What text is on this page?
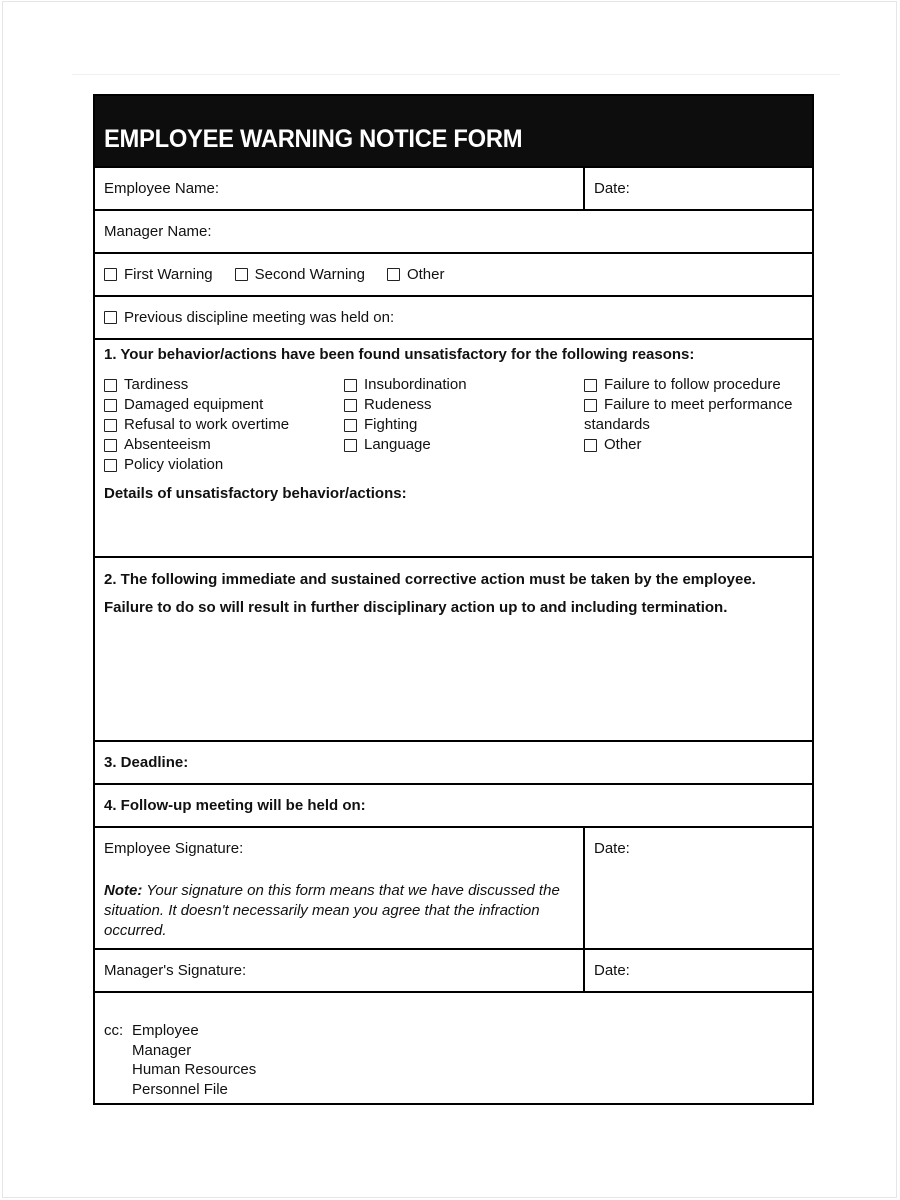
EMPLOYEE WARNING NOTICE FORM
Employee Name:	Date:
Manager Name:
First Warning	Second Warning	Other
Previous discipline meeting was held on:
1. Your behavior/actions have been found unsatisfactory for the following reasons:
Tardiness
Damaged equipment
Refusal to work overtime
Absenteeism
Policy violation
Insubordination
Rudeness
Fighting
Language
Failure to follow procedure
Failure to meet performance
standards
Other
Details of unsatisfactory behavior/actions:
2. The following immediate and sustained corrective action must be taken by the employee.
Failure to do so will result in further disciplinary action up to and including termination.
3. Deadline:
4. Follow-up meeting will be held on:
Employee Signature:
Note: Your signature on this form means that we have discussed the situation. It doesn't necessarily mean you agree that the infraction occurred.
Date:
Manager's Signature:	Date:
cc: Employee
Manager
Human Resources
Personnel File
